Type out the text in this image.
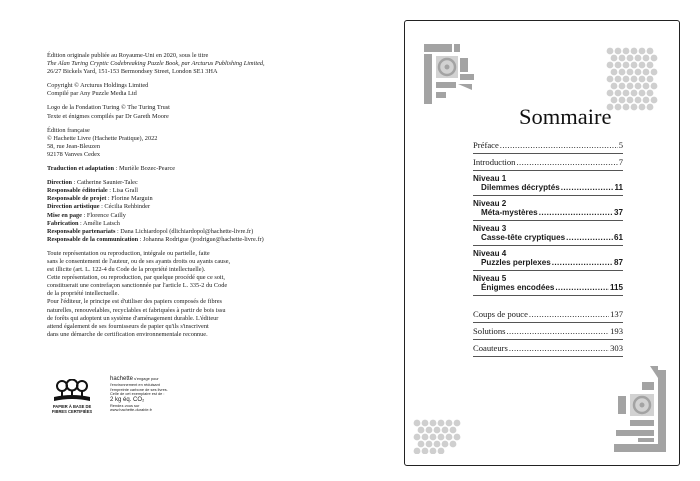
Édition originale publiée au Royaume-Uni en 2020, sous le titre
The Alan Turing Cryptic Codebreaking Puzzle Book, par Arcturus Publishing Limited,
26/27 Bickels Yard, 151-153 Bermondsey Street, London SE1 3HA

Copyright © Arcturus Holdings Limited
Compilé par Any Puzzle Media Ltd

Logo de la Fondation Turing © The Turing Trust
Texte et énigmes compilés par Dr Gareth Moore

Édition française
© Hachette Livre (Hachette Pratique), 2022
58, rue Jean-Bleuzen
92178 Vanves Cedex

Traduction et adaptation : Murièle Bozec-Pearce

Direction : Catherine Saunier-Talec
Responsable éditoriale : Lisa Grall
Responsable de projet : Florine Marguin
Direction artistique : Cécilia Rehbinder
Mise en page : Florence Cailly
Fabrication : Amélie Latsch
Responsable partenariats : Dana Lichiardopol (dlichiardopol@hachette-livre.fr)
Responsable de la communication : Johanna Rodrigue (jrodrigue@hachette-livre.fr)

Toute représentation ou reproduction, intégrale ou partielle, faite
sans le consentement de l'auteur, ou de ses ayants droits ou ayants cause,
est illicite (art. L. 122-4 du Code de la propriété intellectuelle).
Cette représentation, ou reproduction, par quelque procédé que ce soit,
constituerait une contrefaçon sanctionnée par l'article L. 335-2 du Code
de la propriété intellectuelle.
Pour l'éditeur, le principe est d'utiliser des papiers composés de fibres
naturelles, renouvelables, recyclables et fabriquées à partir de bois issu
de forêts qui adoptent un système d'aménagement durable. L'éditeur
attend également de ses fournisseurs de papier qu'ils s'inscrivent
dans une démarche de certification environnementale reconnue.

PAPIER À BASE DE
FIBRES CERTIFIÉES
hachette s'engage pour
l'environnement en réduisant
l'empreinte carbone de ses livres.
Celle de cet exemplaire est de :
2 kg éq. CO₂
Rendez-vous sur
www.hachette-durable.fr
Sommaire
Préface .....	5
Introduction .....	7
Niveau 1
Dilemmes décryptés .....	11
Niveau 2
Méta-mystères .....	37
Niveau 3
Casse-tête cryptiques .....	61
Niveau 4
Puzzles perplexes .....	87
Niveau 5
Énigmes encodées .....	115
Coups de pouce .....	137
Solutions .....	193
Coauteurs .....	303
